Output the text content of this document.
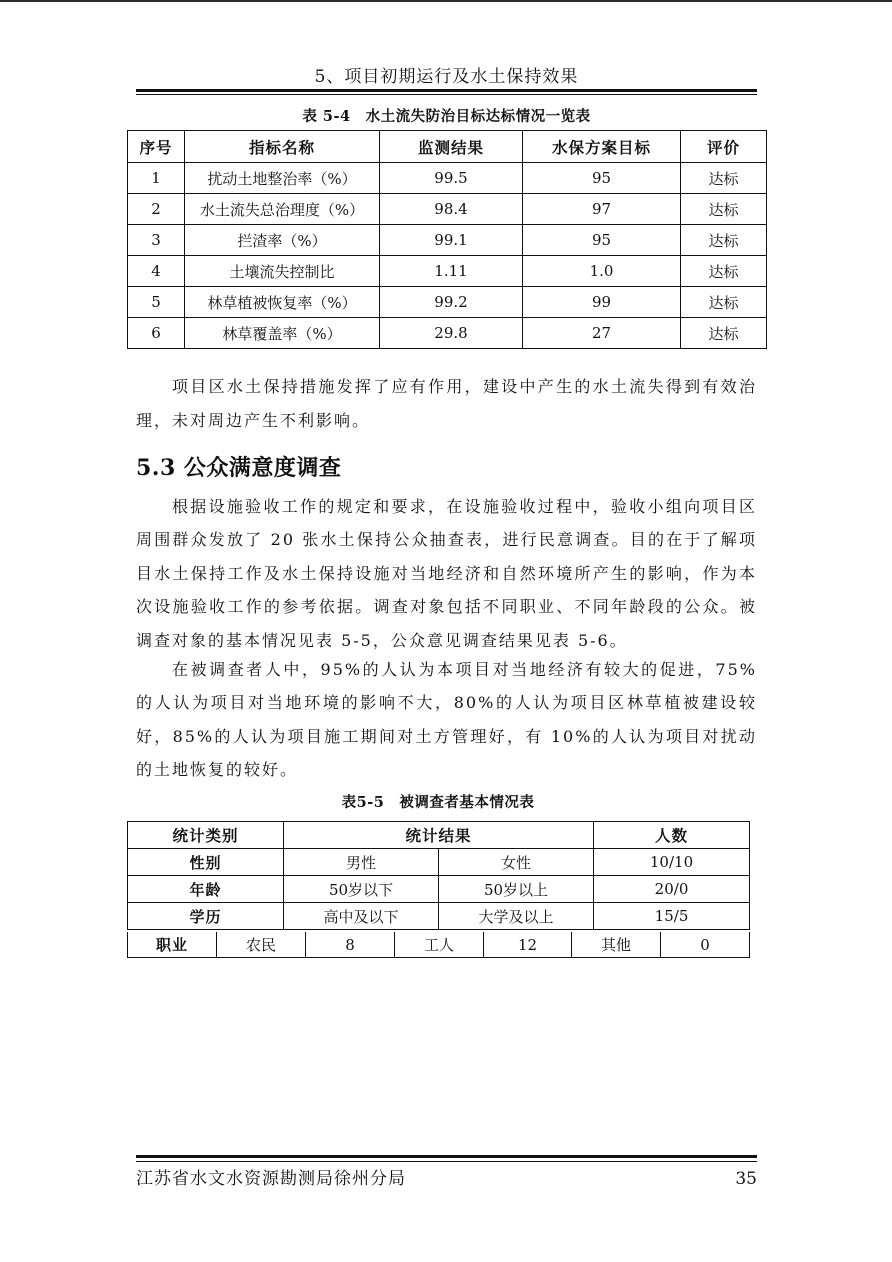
5、项目初期运行及水土保持效果
表 5-4　水土流失防治目标达标情况一览表
序号	指标名称	监测结果	水保方案目标	评价
1	扰动土地整治率（%）	99.5	95	达标
2	水土流失总治理度（%）	98.4	97	达标
3	拦渣率（%）	99.1	95	达标
4	土壤流失控制比	1.11	1.0	达标
5	林草植被恢复率（%）	99.2	99	达标
6	林草覆盖率（%）	29.8	27	达标

项目区水土保持措施发挥了应有作用，建设中产生的水土流失得到有效治理，未对周边产生不利影响。

5.3 公众满意度调查

根据设施验收工作的规定和要求，在设施验收过程中，验收小组向项目区周围群众发放了 20 张水土保持公众抽查表，进行民意调查。目的在于了解项目水土保持工作及水土保持设施对当地经济和自然环境所产生的影响，作为本次设施验收工作的参考依据。调查对象包括不同职业、不同年龄段的公众。被调查对象的基本情况见表 5-5，公众意见调查结果见表 5-6。

在被调查者人中，95%的人认为本项目对当地经济有较大的促进，75%的人认为项目对当地环境的影响不大，80%的人认为项目区林草植被建设较好，85%的人认为项目施工期间对土方管理好，有 10%的人认为项目对扰动的土地恢复的较好。

表5-5　被调查者基本情况表
统计类别	统计结果		人数
性别	男性	女性	10/10
年龄	50岁以下	50岁以上	20/0
学历	高中及以下	大学及以上	15/5
职业	农民	8	工人	12	其他	0
江苏省水文水资源勘测局徐州分局	35
